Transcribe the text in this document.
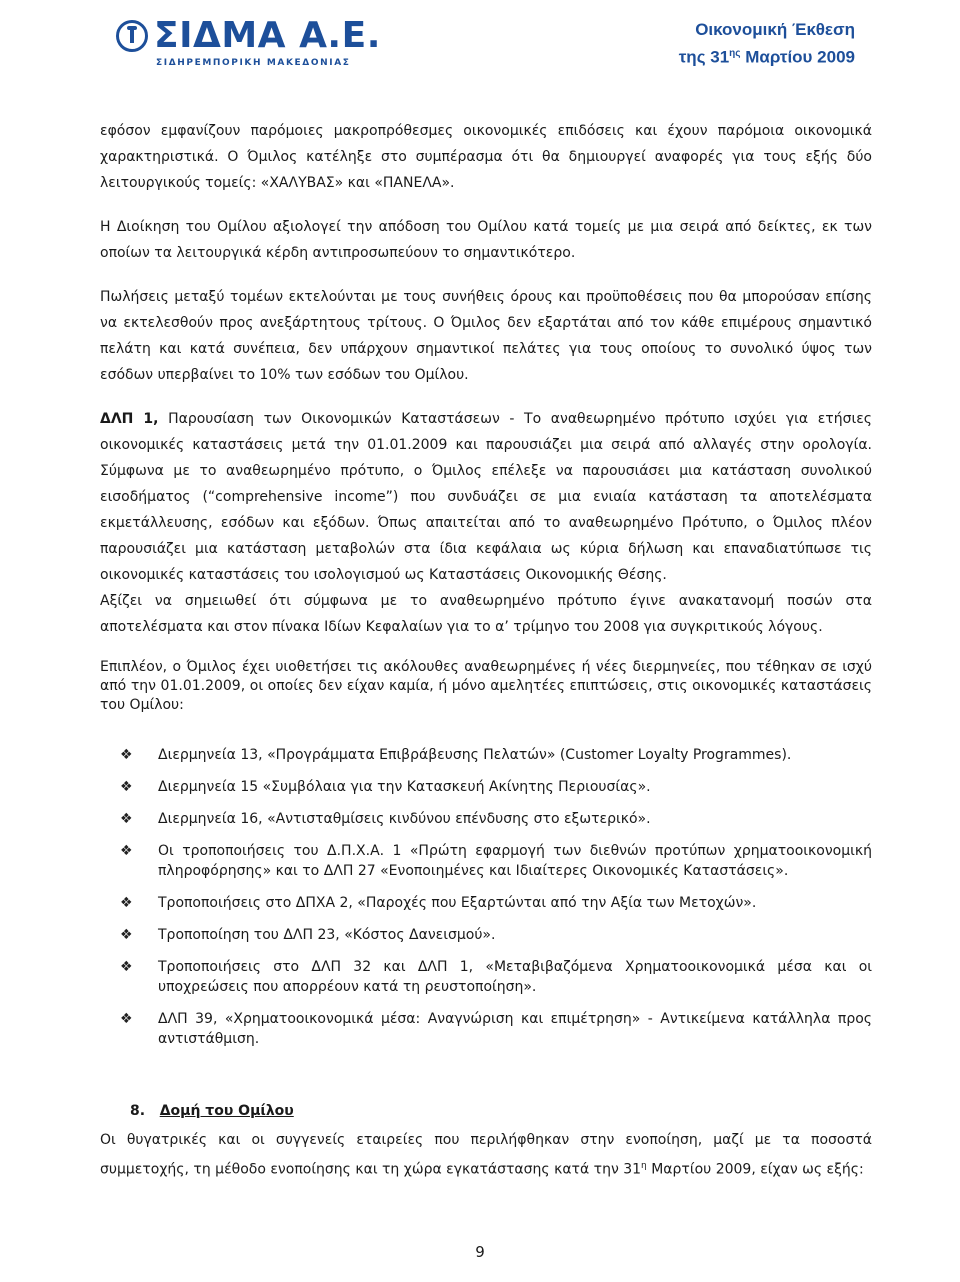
ΣΙΔΜΑ Α.Ε.
ΣΙΔΗΡΕΜΠΟΡΙΚΗ ΜΑΚΕΔΟΝΙΑΣ
Οικονομική Έκθεση
της $31^{\eta\varsigma}$ Μαρτίου 2009

εφόσον εμφανίζουν παρόμοιες μακροπρόθεσμες οικονομικές επιδόσεις και έχουν παρόμοια οικονομικά χαρακτηριστικά. Ο Όμιλος κατέληξε στο συμπέρασμα ότι θα δημιουργεί αναφορές για τους εξής δύο λειτουργικούς τομείς: «ΧΑΛΥΒΑΣ» και «ΠΑΝΕΛΑ».

Η Διοίκηση του Ομίλου αξιολογεί την απόδοση του Ομίλου κατά τομείς με μια σειρά από δείκτες, εκ των οποίων τα λειτουργικά κέρδη αντιπροσωπεύουν το σημαντικότερο.

Πωλήσεις μεταξύ τομέων εκτελούνται με τους συνήθεις όρους και προϋποθέσεις που θα μπορούσαν επίσης να εκτελεσθούν προς ανεξάρτητους τρίτους. Ο Όμιλος δεν εξαρτάται από τον κάθε επιμέρους σημαντικό πελάτη και κατά συνέπεια, δεν υπάρχουν σημαντικοί πελάτες για τους οποίους το συνολικό ύψος των εσόδων υπερβαίνει το 10% των εσόδων του Ομίλου.

ΔΛΠ 1, Παρουσίαση των Οικονομικών Καταστάσεων - Το αναθεωρημένο πρότυπο ισχύει για ετήσιες οικονομικές καταστάσεις μετά την 01.01.2009 και παρουσιάζει μια σειρά από αλλαγές στην ορολογία. Σύμφωνα με το αναθεωρημένο πρότυπο, ο Όμιλος επέλεξε να παρουσιάσει μια κατάσταση συνολικού εισοδήματος (“comprehensive income”) που συνδυάζει σε μια ενιαία κατάσταση τα αποτελέσματα εκμετάλλευσης, εσόδων και εξόδων. Όπως απαιτείται από το αναθεωρημένο Πρότυπο, ο Όμιλος πλέον παρουσιάζει μια κατάσταση μεταβολών στα ίδια κεφάλαια ως κύρια δήλωση και επαναδιατύπωσε τις οικονομικές καταστάσεις του ισολογισμού ως Καταστάσεις Οικονομικής Θέσης.

Αξίζει να σημειωθεί ότι σύμφωνα με το αναθεωρημένο πρότυπο έγινε ανακατανομή ποσών στα αποτελέσματα και στον πίνακα Ιδίων Κεφαλαίων για το α’ τρίμηνο του 2008 για συγκριτικούς λόγους.

Επιπλέον, ο Όμιλος έχει υιοθετήσει τις ακόλουθες αναθεωρημένες ή νέες διερμηνείες, που τέθηκαν σε ισχύ από την 01.01.2009, οι οποίες δεν είχαν καμία, ή μόνο αμελητέες επιπτώσεις, στις οικονομικές καταστάσεις του Ομίλου:

❖ Διερμηνεία 13, «Προγράμματα Επιβράβευσης Πελατών» (Customer Loyalty Programmes).
❖ Διερμηνεία 15 «Συμβόλαια για την Κατασκευή Ακίνητης Περιουσίας».
❖ Διερμηνεία 16, «Αντισταθμίσεις κινδύνου επένδυσης στο εξωτερικό».
❖ Οι τροποποιήσεις του Δ.Π.Χ.Α. 1 «Πρώτη εφαρμογή των διεθνών προτύπων χρηματοοικονομική πληροφόρησης» και το ΔΛΠ 27 «Ενοποιημένες και Ιδιαίτερες Οικονομικές Καταστάσεις».
❖ Τροποποιήσεις στο ΔΠΧΑ 2, «Παροχές που Εξαρτώνται από την Αξία των Μετοχών».
❖ Τροποποίηση του ΔΛΠ 23, «Κόστος Δανεισμού».
❖ Τροποποιήσεις στο ΔΛΠ 32 και ΔΛΠ 1, «Μεταβιβαζόμενα Χρηματοοικονομικά μέσα και οι υποχρεώσεις που απορρέουν κατά τη ρευστοποίηση».
❖ ΔΛΠ 39, «Χρηματοοικονομικά μέσα: Αναγνώριση και επιμέτρηση» - Αντικείμενα κατάλληλα προς αντιστάθμιση.
8. Δομή του Ομίλου

Οι θυγατρικές και οι συγγενείς εταιρείες που περιλήφθηκαν στην ενοποίηση, μαζί με τα ποσοστά συμμετοχής, τη μέθοδο ενοποίησης και τη χώρα εγκατάστασης κατά την $31^\eta$ Μαρτίου 2009, είχαν ως εξής:

9
